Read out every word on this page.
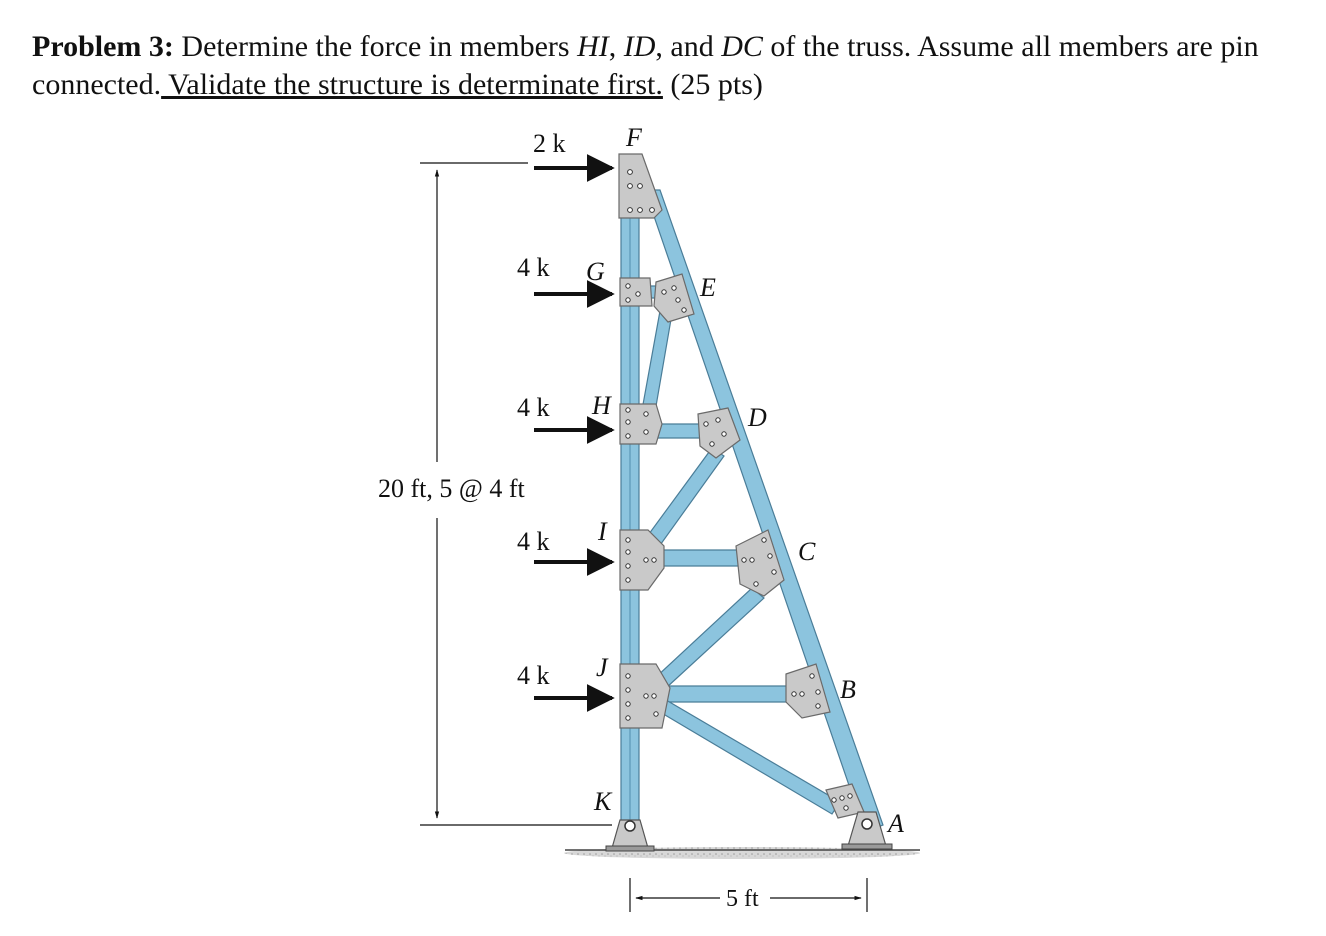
Problem 3: Determine the force in members HI, ID, and DC of the truss. Assume all members are pin connected. Validate the structure is determinate first. (25 pts)
2 k
4 k
4 k
4 k
4 k
F
G
E
H	D
I
C
J
B
K
A
20 ft, 5 @ 4 ft
5 ft
